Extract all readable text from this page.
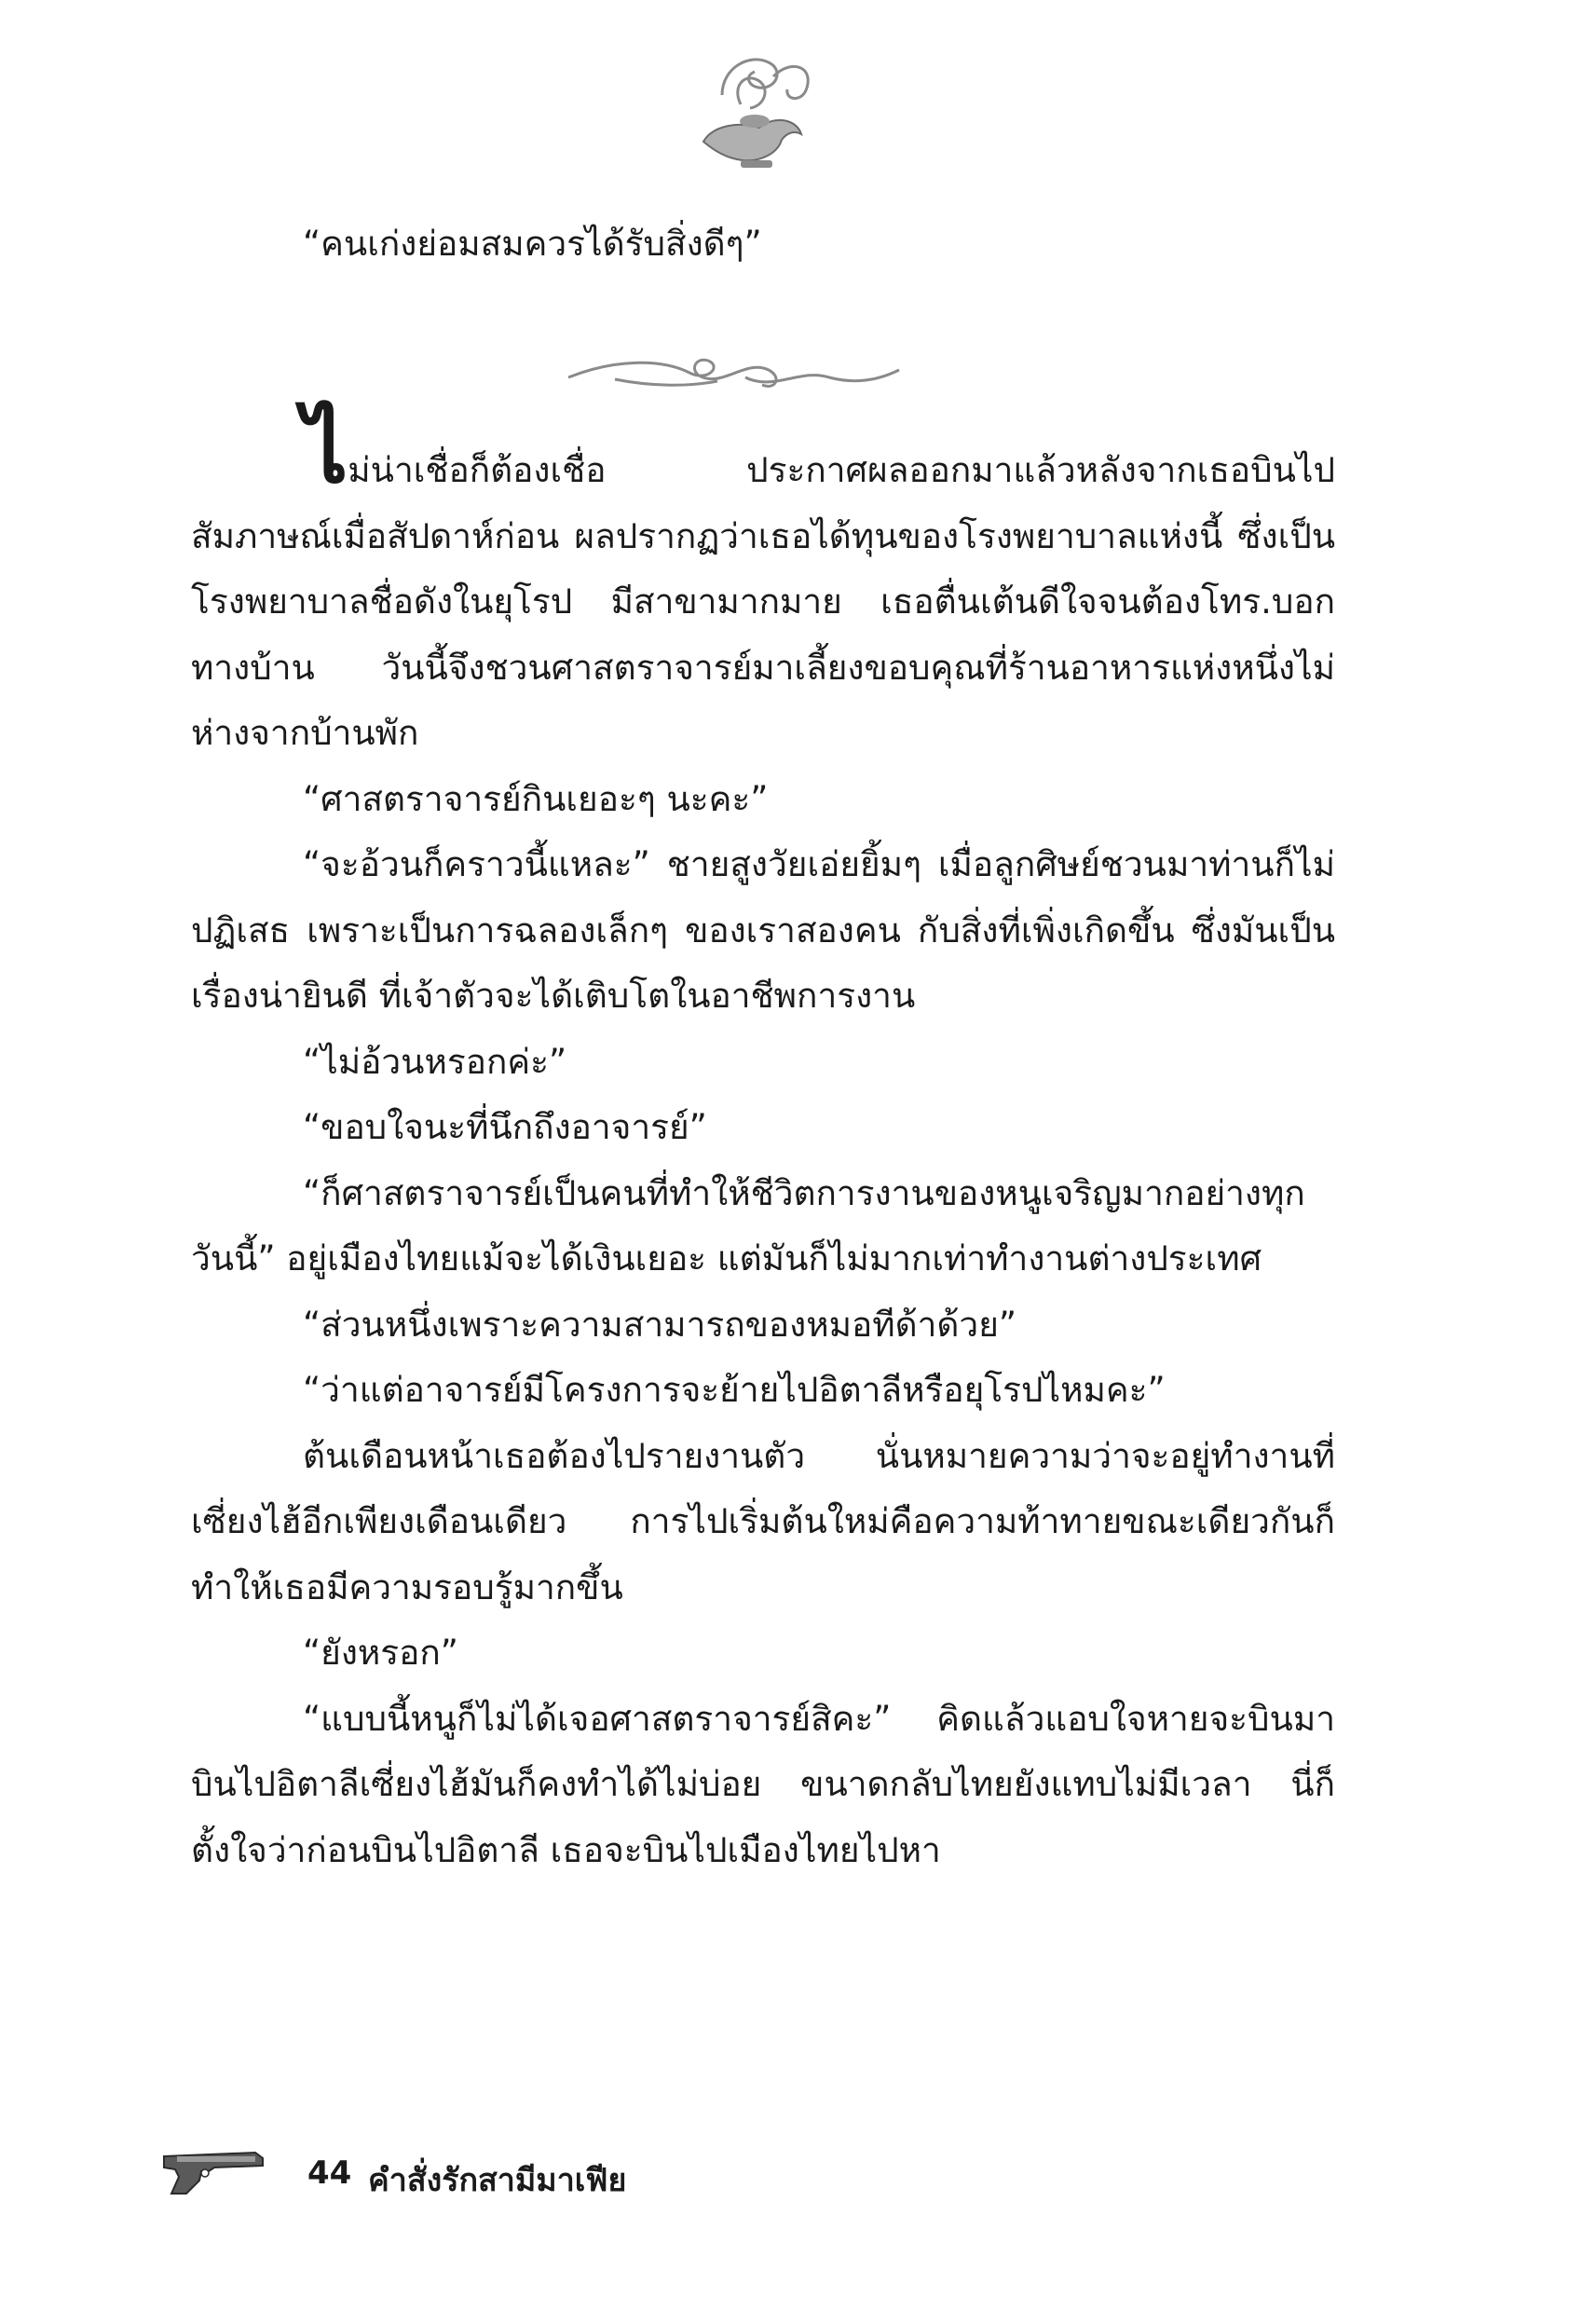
“คนเก่งย่อมสมควรได้รับสิ่งดีๆ”

ไม่น่าเชื่อก็ต้องเชื่อ ประกาศผลออกมาแล้วหลังจากเธอบินไปสัมภาษณ์เมื่อสัปดาห์ก่อน ผลปรากฏว่าเธอได้ทุนของโรงพยาบาลแห่งนี้ ซึ่งเป็นโรงพยาบาลชื่อดังในยุโรป มีสาขามากมาย เธอตื่นเต้นดีใจจนต้องโทร.บอกทางบ้าน วันนี้จึงชวนศาสตราจารย์มาเลี้ยงขอบคุณที่ร้านอาหารแห่งหนึ่งไม่ห่างจากบ้านพัก

“ศาสตราจารย์กินเยอะๆ นะคะ”

“จะอ้วนก็คราวนี้แหละ” ชายสูงวัยเอ่ยยิ้มๆ เมื่อลูกศิษย์ชวนมาท่านก็ไม่ปฏิเสธ เพราะเป็นการฉลองเล็กๆ ของเราสองคน กับสิ่งที่เพิ่งเกิดขึ้น ซึ่งมันเป็นเรื่องน่ายินดี ที่เจ้าตัวจะได้เติบโตในอาชีพการงาน

“ไม่อ้วนหรอกค่ะ”

“ขอบใจนะที่นึกถึงอาจารย์”

“ก็ศาสตราจารย์เป็นคนที่ทำให้ชีวิตการงานของหนูเจริญมากอย่างทุกวันนี้” อยู่เมืองไทยแม้จะได้เงินเยอะ แต่มันก็ไม่มากเท่าทำงานต่างประเทศ

“ส่วนหนึ่งเพราะความสามารถของหมอทีด้าด้วย”

“ว่าแต่อาจารย์มีโครงการจะย้ายไปอิตาลีหรือยุโรปไหมคะ”

ต้นเดือนหน้าเธอต้องไปรายงานตัว นั่นหมายความว่าจะอยู่ทำงานที่เซี่ยงไฮ้อีกเพียงเดือนเดียว การไปเริ่มต้นใหม่คือความท้าทายขณะเดียวกันก็ทำให้เธอมีความรอบรู้มากขึ้น

“ยังหรอก”

“แบบนี้หนูก็ไม่ได้เจอศาสตราจารย์สิคะ” คิดแล้วแอบใจหายจะบินมาบินไปอิตาลีเซี่ยงไฮ้มันก็คงทำได้ไม่บ่อย ขนาดกลับไทยยังแทบไม่มีเวลา นี่ก็ตั้งใจว่าก่อนบินไปอิตาลี เธอจะบินไปเมืองไทยไปหา

44 คำสั่งรักสามีมาเฟีย
